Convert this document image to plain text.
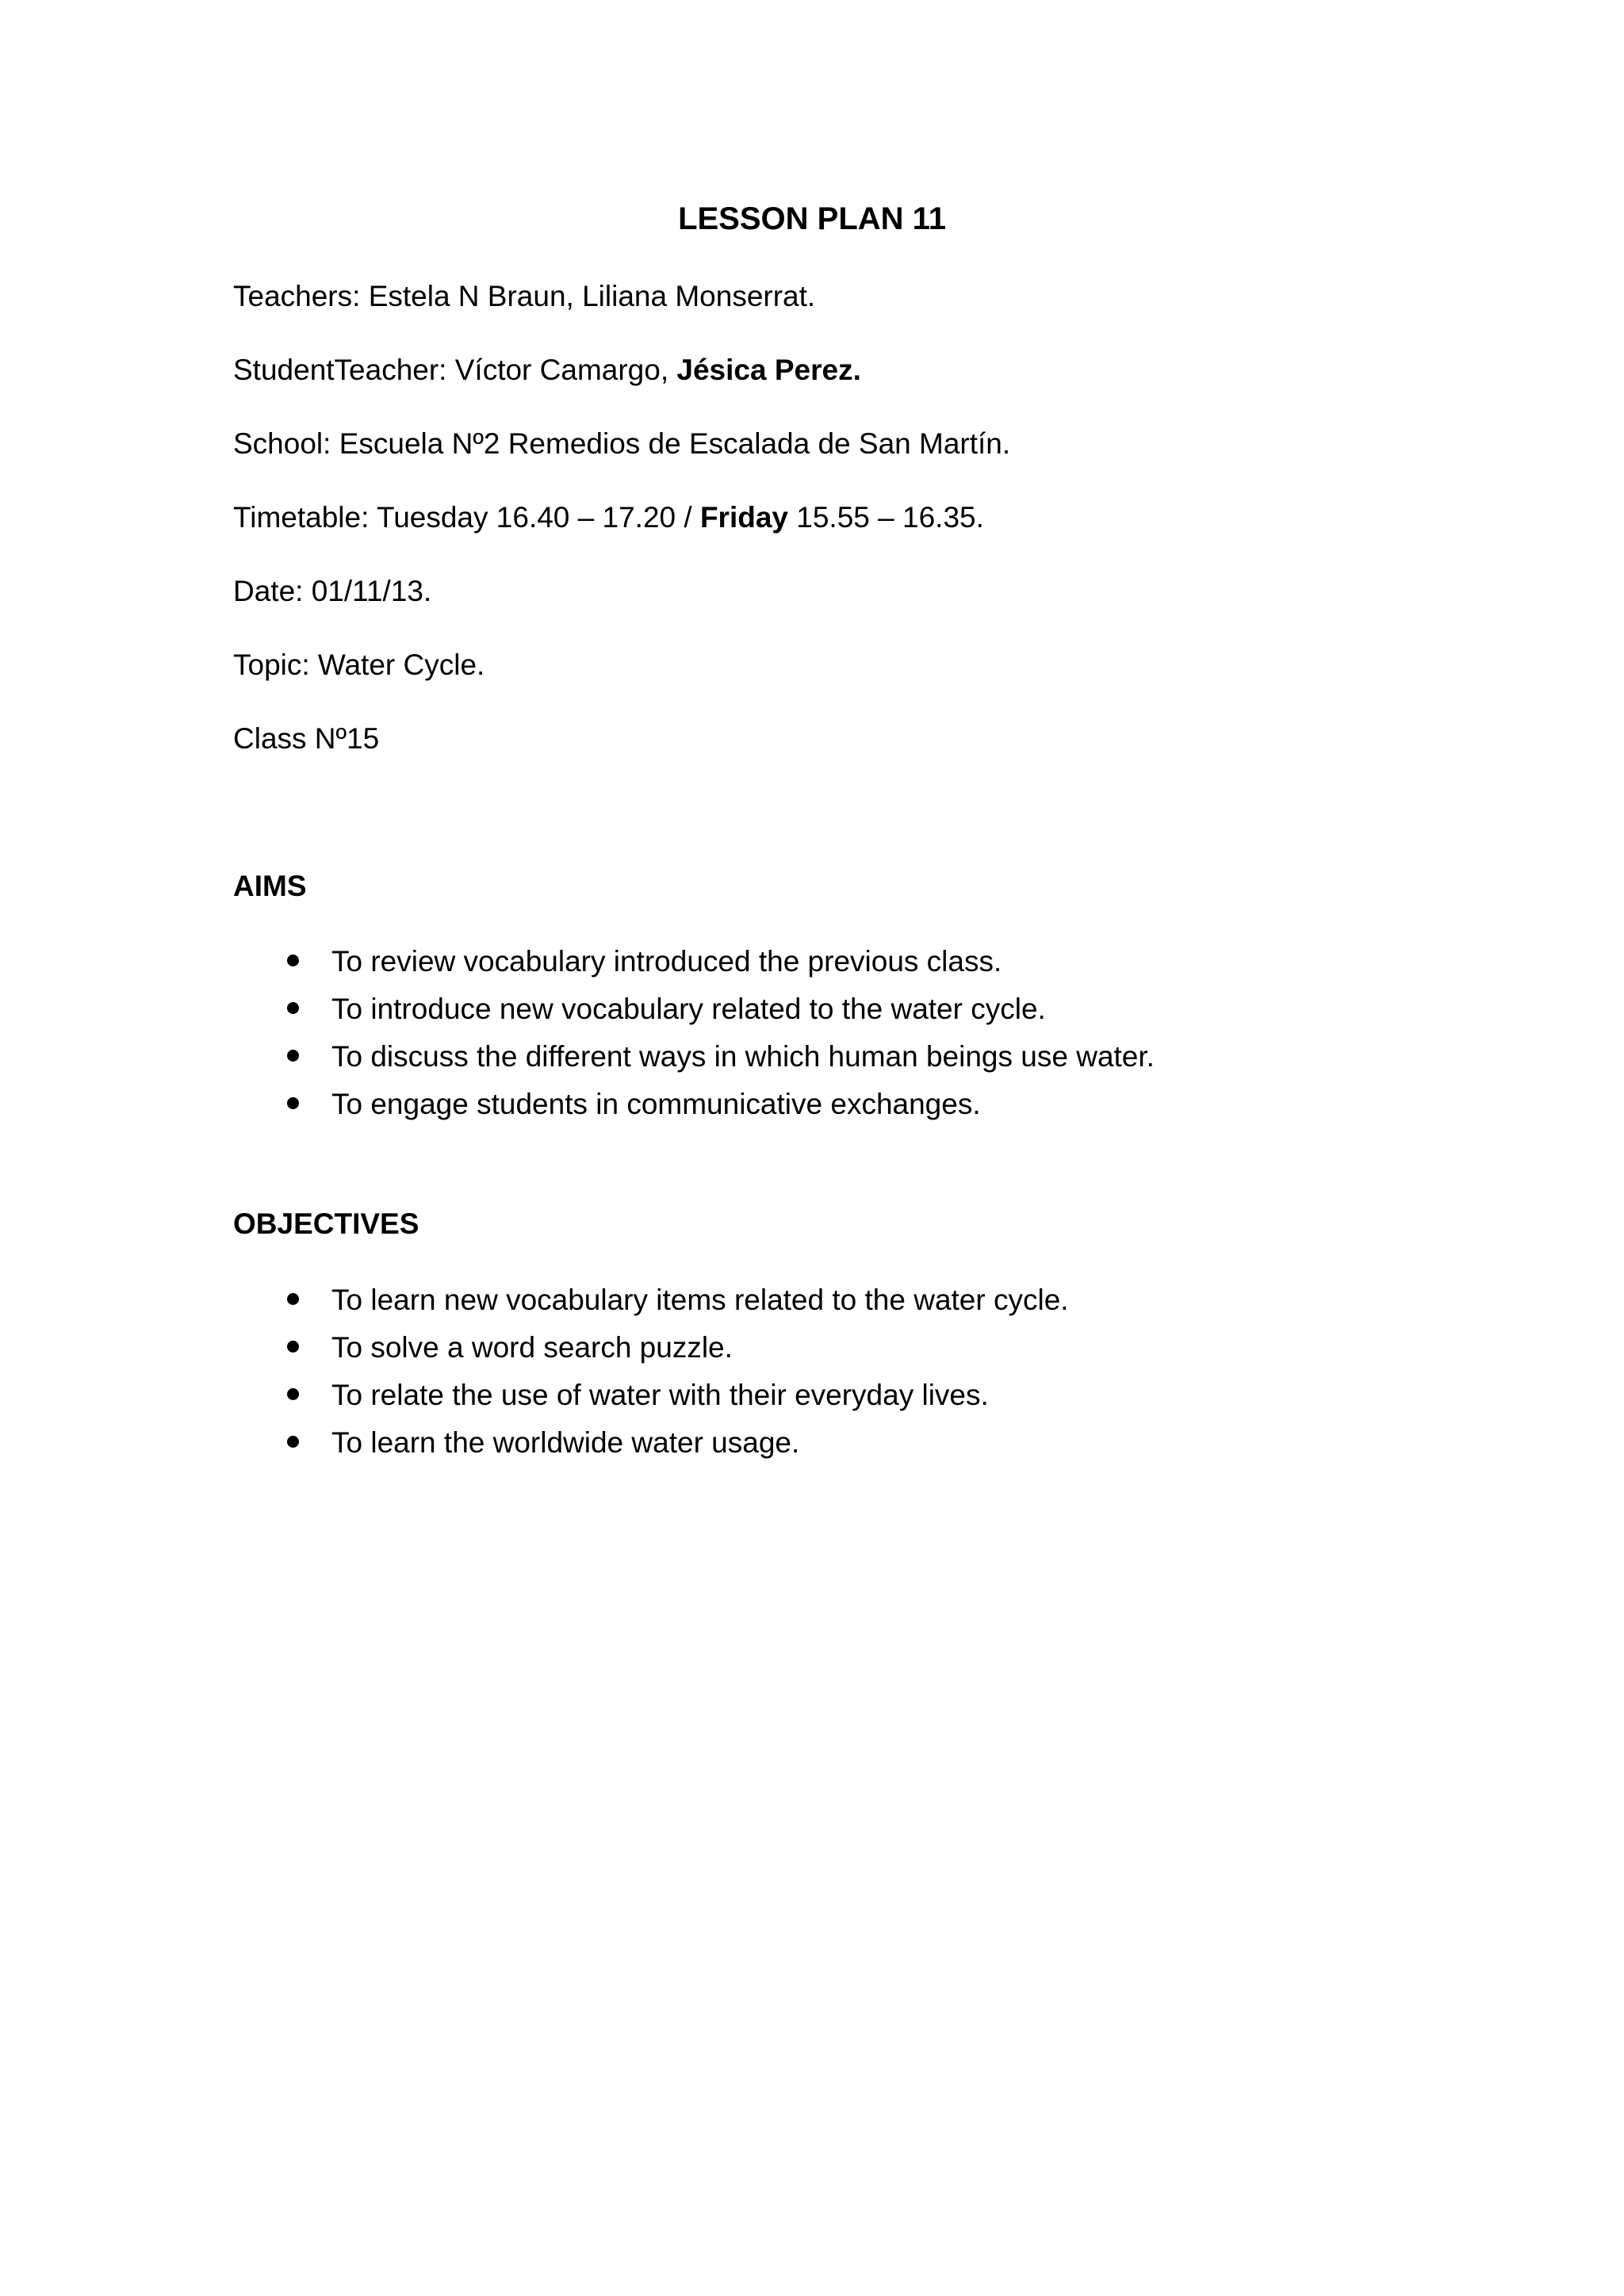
LESSON PLAN 11
Teachers: Estela N Braun, Liliana Monserrat.
StudentTeacher: Víctor Camargo, Jésica Perez.
School: Escuela Nº2 Remedios de Escalada de San Martín.
Timetable: Tuesday 16.40 – 17.20 / Friday 15.55 – 16.35.
Date: 01/11/13.
Topic: Water Cycle.
Class Nº15
AIMS
To review vocabulary introduced the previous class.
To introduce new vocabulary related to the water cycle.
To discuss the different ways in which human beings use water.
To engage students in communicative exchanges.
OBJECTIVES
To learn new vocabulary items related to the water cycle.
To solve a word search puzzle.
To relate the use of water with their everyday lives.
To learn the worldwide water usage.
